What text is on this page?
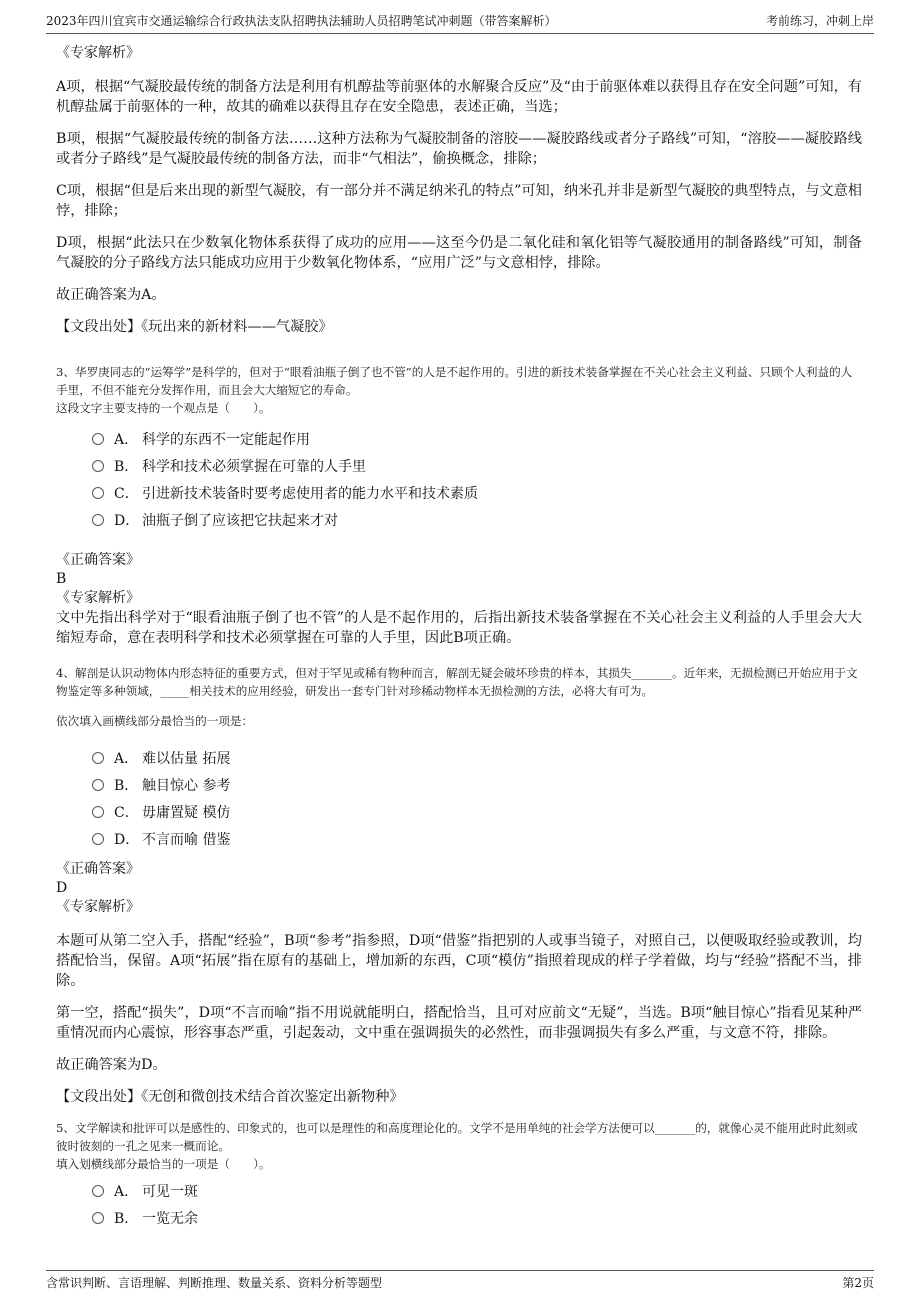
2023年四川宜宾市交通运输综合行政执法支队招聘执法辅助人员招聘笔试冲刺题（带答案解析）	考前练习，冲刺上岸

《专家解析》

A项，根据“气凝胶最传统的制备方法是利用有机醇盐等前驱体的水解聚合反应”及“由于前驱体难以获得且存在安全问题”可知，有机醇盐属于前驱体的一种，故其的确难以获得且存在安全隐患，表述正确，当选；

B项，根据“气凝胶最传统的制备方法……这种方法称为气凝胶制备的溶胶——凝胶路线或者分子路线”可知，“溶胶——凝胶路线或者分子路线”是气凝胶最传统的制备方法，而非“气相法”，偷换概念，排除；

C项，根据“但是后来出现的新型气凝胶，有一部分并不满足纳米孔的特点”可知，纳米孔并非是新型气凝胶的典型特点，与文意相悖，排除；

D项，根据“此法只在少数氧化物体系获得了成功的应用——这至今仍是二氧化硅和氧化铝等气凝胶通用的制备路线”可知，制备气凝胶的分子路线方法只能成功应用于少数氧化物体系，“应用广泛”与文意相悖，排除。

故正确答案为A。

【文段出处】《玩出来的新材料——气凝胶》

3、华罗庚同志的“运筹学”是科学的，但对于“眼看油瓶子倒了也不管”的人是不起作用的。引进的新技术装备掌握在不关心社会主义利益、只顾个人利益的人手里，不但不能充分发挥作用，而且会大大缩短它的寿命。

这段文字主要支持的一个观点是（　　）。

A． 科学的东西不一定能起作用
B． 科学和技术必须掌握在可靠的人手里
C． 引进新技术装备时要考虑使用者的能力水平和技术素质
D． 油瓶子倒了应该把它扶起来才对

《正确答案》

B

《专家解析》

文中先指出科学对于“眼看油瓶子倒了也不管”的人是不起作用的，后指出新技术装备掌握在不关心社会主义利益的人手里会大大缩短寿命，意在表明科学和技术必须掌握在可靠的人手里，因此B项正确。

4、解剖是认识动物体内形态特征的重要方式，但对于罕见或稀有物种而言，解剖无疑会破坏珍贵的样本，其损失_______。近年来，无损检测已开始应用于文物鉴定等多种领域，_____相关技术的应用经验，研发出一套专门针对珍稀动物样本无损检测的方法，必将大有可为。

依次填入画横线部分最恰当的一项是：

A． 难以估量 拓展
B． 触目惊心 参考
C． 毋庸置疑 模仿
D． 不言而喻 借鉴

《正确答案》

D

《专家解析》

本题可从第二空入手，搭配“经验”，B项“参考”指参照，D项“借鉴”指把别的人或事当镜子，对照自己，以便吸取经验或教训，均搭配恰当，保留。A项“拓展”指在原有的基础上，增加新的东西，C项“模仿”指照着现成的样子学着做，均与“经验”搭配不当，排除。

第一空，搭配“损失”，D项“不言而喻”指不用说就能明白，搭配恰当，且可对应前文“无疑”，当选。B项“触目惊心”指看见某种严重情况而内心震惊，形容事态严重，引起轰动，文中重在强调损失的必然性，而非强调损失有多么严重，与文意不符，排除。

故正确答案为D。

【文段出处】《无创和微创技术结合首次鉴定出新物种》

5、文学解读和批评可以是感性的、印象式的，也可以是理性的和高度理论化的。文学不是用单纯的社会学方法便可以_______的，就像心灵不能用此时此刻或彼时彼刻的一孔之见来一概而论。

填入划横线部分最恰当的一项是（　　）。

A． 可见一斑
B． 一览无余
含常识判断、言语理解、判断推理、数量关系、资料分析等题型	第2页
